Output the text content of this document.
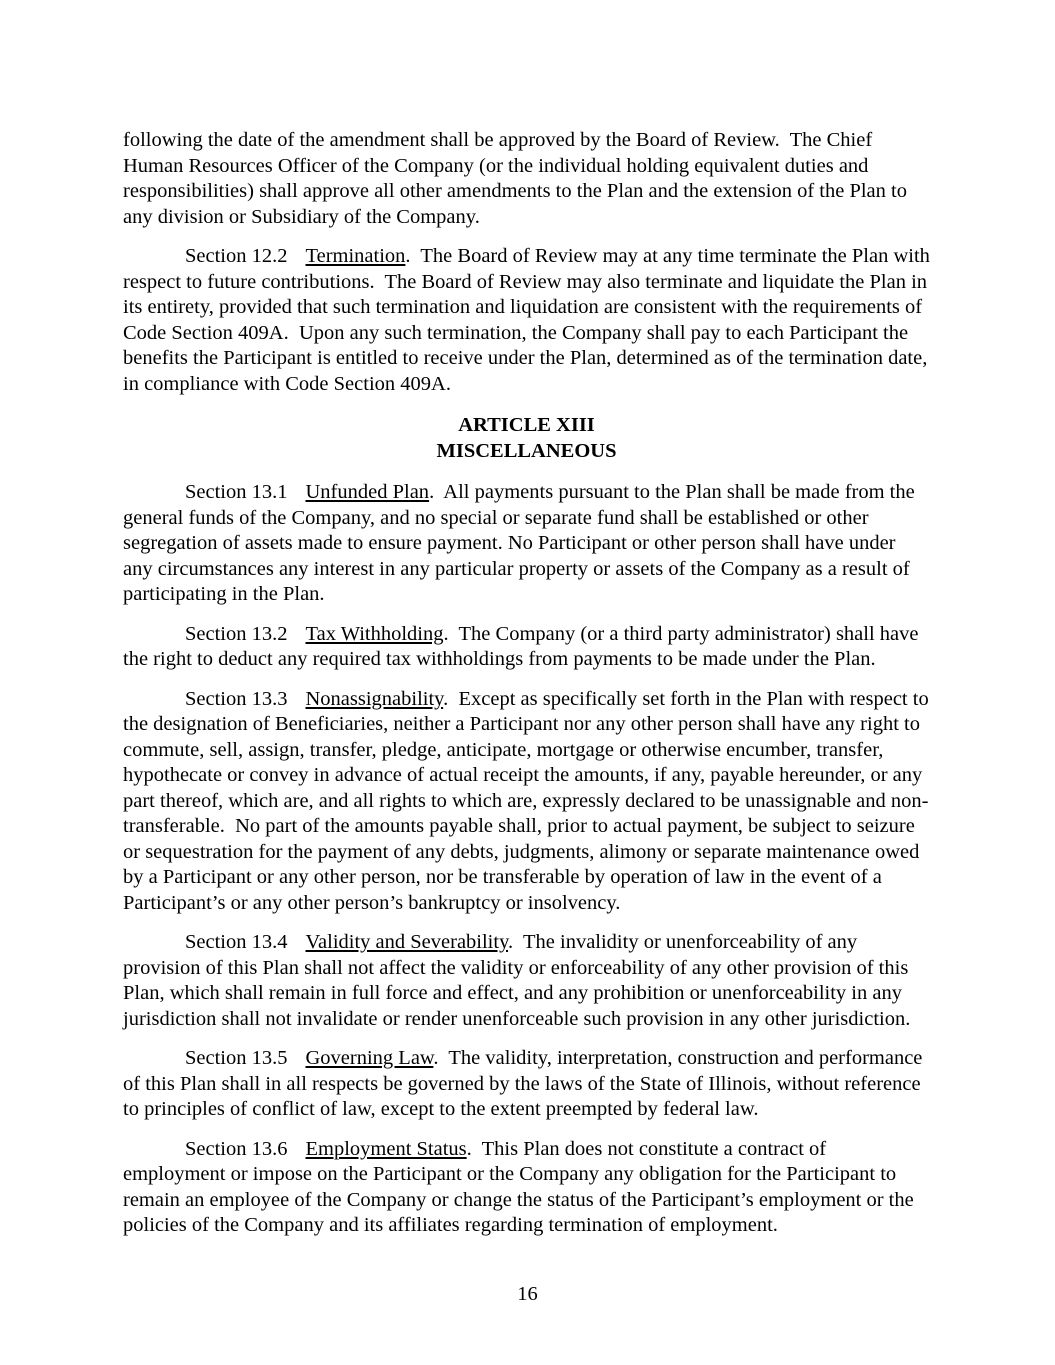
following the date of the amendment shall be approved by the Board of Review.  The Chief Human Resources Officer of the Company (or the individual holding equivalent duties and responsibilities) shall approve all other amendments to the Plan and the extension of the Plan to any division or Subsidiary of the Company.

Section 12.2 Termination.  The Board of Review may at any time terminate the Plan with respect to future contributions.  The Board of Review may also terminate and liquidate the Plan in its entirety, provided that such termination and liquidation are consistent with the requirements of Code Section 409A.  Upon any such termination, the Company shall pay to each Participant the benefits the Participant is entitled to receive under the Plan, determined as of the termination date, in compliance with Code Section 409A.

ARTICLE XIII
MISCELLANEOUS

Section 13.1 Unfunded Plan.  All payments pursuant to the Plan shall be made from the general funds of the Company, and no special or separate fund shall be established or other segregation of assets made to ensure payment. No Participant or other person shall have under any circumstances any interest in any particular property or assets of the Company as a result of participating in the Plan.

Section 13.2 Tax Withholding.  The Company (or a third party administrator) shall have the right to deduct any required tax withholdings from payments to be made under the Plan.

Section 13.3 Nonassignability.  Except as specifically set forth in the Plan with respect to the designation of Beneficiaries, neither a Participant nor any other person shall have any right to commute, sell, assign, transfer, pledge, anticipate, mortgage or otherwise encumber, transfer, hypothecate or convey in advance of actual receipt the amounts, if any, payable hereunder, or any part thereof, which are, and all rights to which are, expressly declared to be unassignable and non-transferable.  No part of the amounts payable shall, prior to actual payment, be subject to seizure or sequestration for the payment of any debts, judgments, alimony or separate maintenance owed by a Participant or any other person, nor be transferable by operation of law in the event of a Participant’s or any other person’s bankruptcy or insolvency.

Section 13.4 Validity and Severability.  The invalidity or unenforceability of any provision of this Plan shall not affect the validity or enforceability of any other provision of this Plan, which shall remain in full force and effect, and any prohibition or unenforceability in any jurisdiction shall not invalidate or render unenforceable such provision in any other jurisdiction.

Section 13.5 Governing Law.  The validity, interpretation, construction and performance of this Plan shall in all respects be governed by the laws of the State of Illinois, without reference to principles of conflict of law, except to the extent preempted by federal law.

Section 13.6 Employment Status.  This Plan does not constitute a contract of employment or impose on the Participant or the Company any obligation for the Participant to remain an employee of the Company or change the status of the Participant’s employment or the policies of the Company and its affiliates regarding termination of employment.

16
